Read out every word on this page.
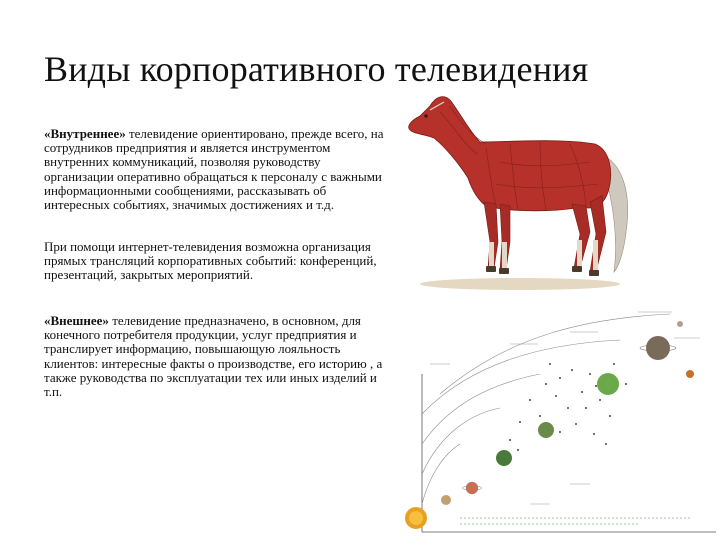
Виды корпоративного телевидения
«Внутреннее» телевидение ориентировано, прежде всего, на сотрудников предприятия и является инструментом внутренних коммуникаций, позволяя руководству организации оперативно обращаться к персоналу с важными информационными сообщениями, рассказывать об интересных событиях, значимых достижениях и т.д.
При помощи интернет-телевидения возможна организация прямых трансляций корпоративных событий: конференций, презентаций, закрытых мероприятий.
«Внешнее» телевидение предназначено, в основном, для конечного потребителя продукции, услуг предприятия и транслирует информацию, повышающую лояльность клиентов: интересные факты о производстве, его историю , а также руководства по эксплуатации тех или иных изделий и т.п.
